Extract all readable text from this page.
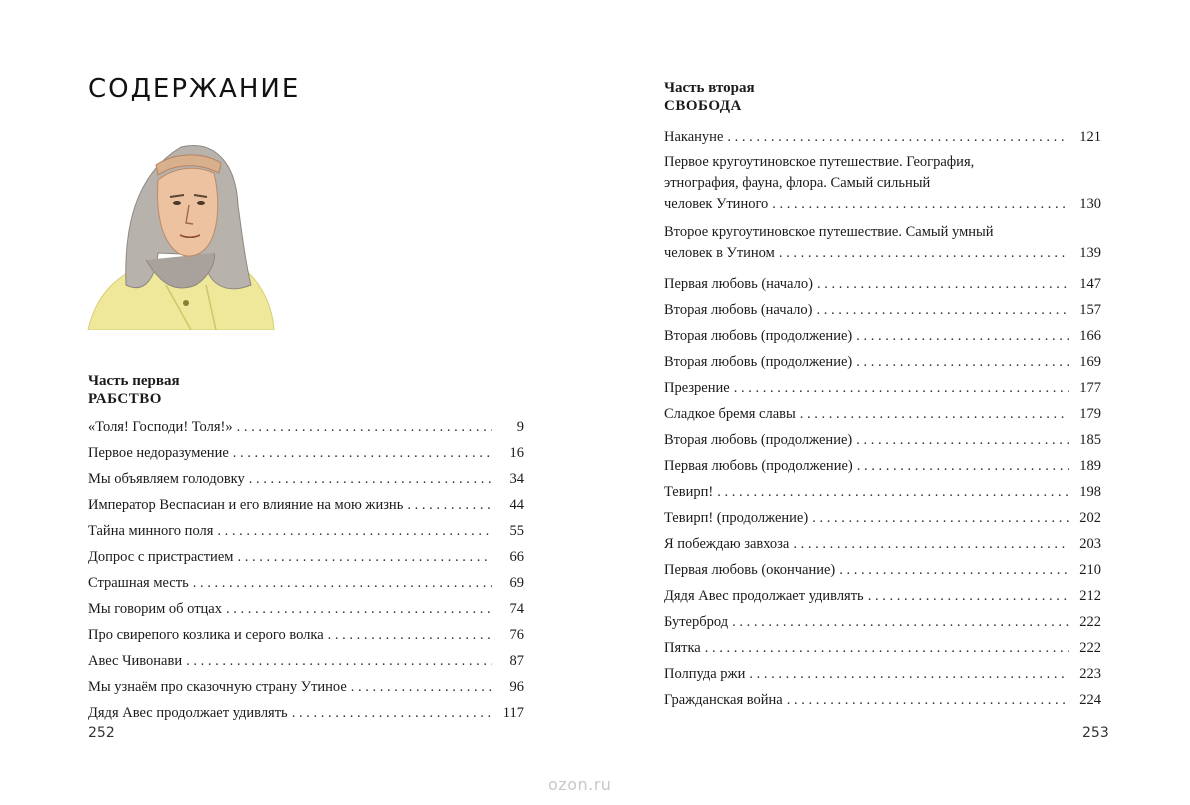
СОДЕРЖАНИЕ
Часть первая
РАБСТВО
«Толя! Господи! Толя!» . . .	9
Первое недоразумение . . .	16
Мы объявляем голодовку . . .	34
Император Веспасиан и его влияние на мою жизнь . . .	44
Тайна минного поля . . .	55
Допрос с пристрастием . . .	66
Страшная месть . . .	69
Мы говорим об отцах . . .	74
Про свирепого козлика и серого волка . . .	76
Авес Чивонави . . .	87
Мы узнаём про сказочную страну Утиное . . .	96
Дядя Авес продолжает удивлять . . .	117
252
Часть вторая
СВОБОДА
Накануне . . .	121
Первое кругоутиновское путешествие. География,
этнография, фауна, флора. Самый сильный
человек Утиного . . .	130
Второе кругоутиновское путешествие. Самый умный
человек в Утином . . .	139
Первая любовь (начало) . . .	147
Вторая любовь (начало) . . .	157
Вторая любовь (продолжение) . . .	166
Вторая любовь (продолжение) . . .	169
Презрение . . .	177
Сладкое бремя славы . . .	179
Вторая любовь (продолжение) . . .	185
Первая любовь (продолжение) . . .	189
Тевирп! . . .	198
Тевирп! (продолжение) . . .	202
Я побеждаю завхоза . . .	203
Первая любовь (окончание) . . .	210
Дядя Авес продолжает удивлять . . .	212
Бутерброд . . .	222
Пятка . . .	222
Полпуда ржи . . .	223
Гражданская война . . .	224
253
ozon.ru
